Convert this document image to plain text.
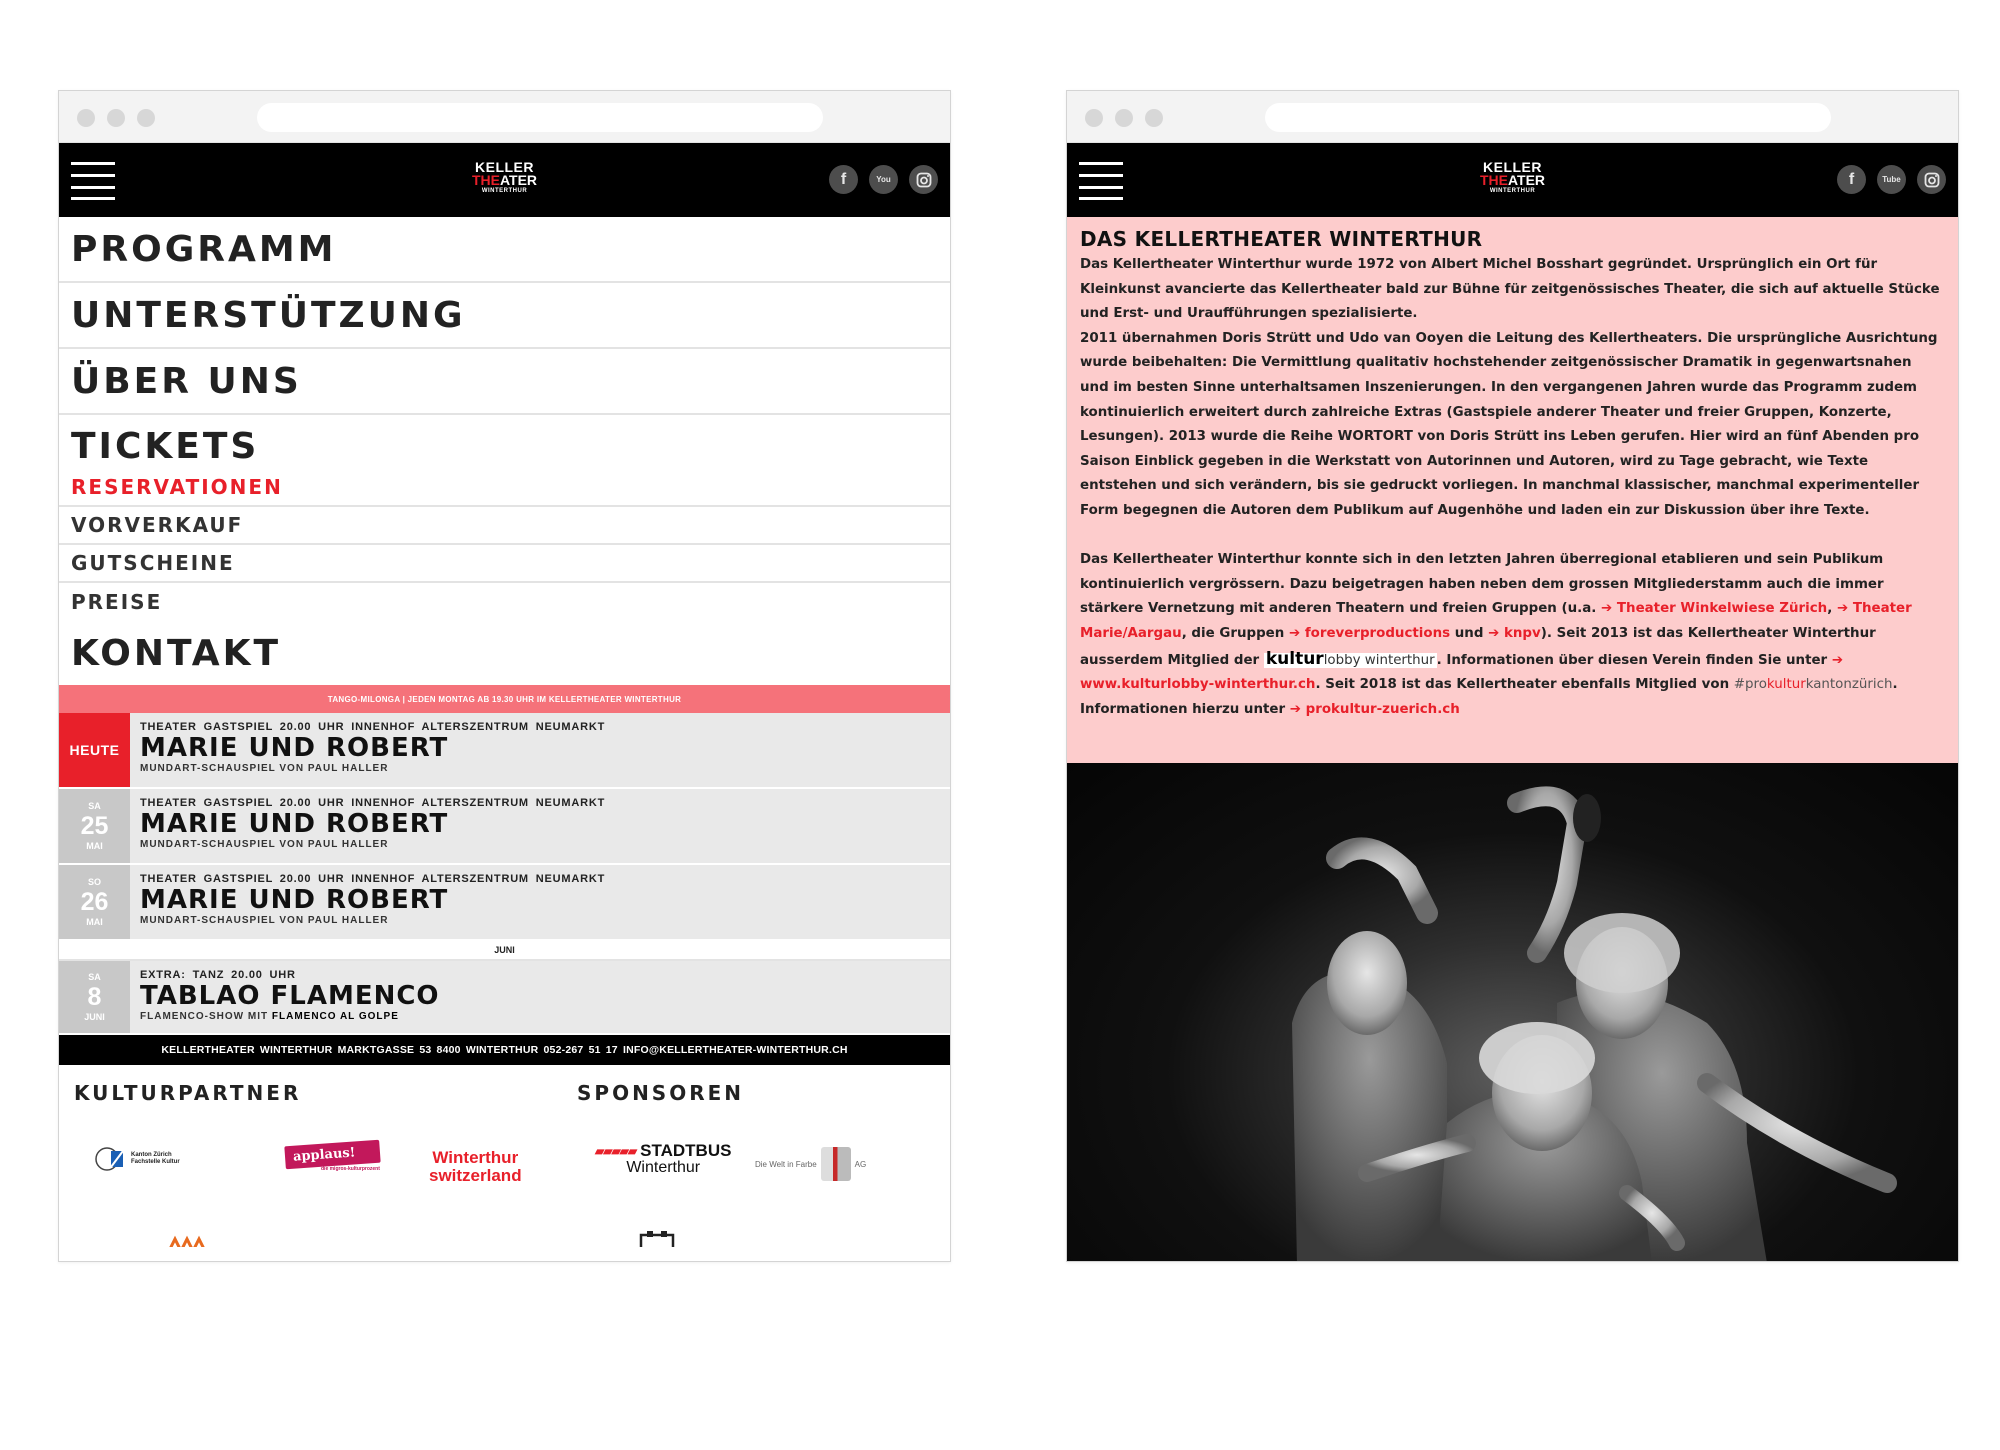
KELLER
THEATER
WINTERTHUR
f	You
PROGRAMM
UNTERSTÜTZUNG
ÜBER UNS
TICKETS
RESERVATIONEN
VORVERKAUF
GUTSCHEINE
PREISE
KONTAKT
TANGO-MILONGA | JEDEN MONTAG AB 19.30 UHR IM KELLERTHEATER WINTERTHUR
HEUTE
THEATER GASTSPIEL 20.00 UHR INNENHOF ALTERSZENTRUM NEUMARKT
MARIE UND ROBERT
MUNDART-SCHAUSPIEL VON PAUL HALLER
SA
25
MAI
THEATER GASTSPIEL 20.00 UHR INNENHOF ALTERSZENTRUM NEUMARKT
MARIE UND ROBERT
MUNDART-SCHAUSPIEL VON PAUL HALLER
SO
26
MAI
THEATER GASTSPIEL 20.00 UHR INNENHOF ALTERSZENTRUM NEUMARKT
MARIE UND ROBERT
MUNDART-SCHAUSPIEL VON PAUL HALLER
JUNI
SA
8
JUNI
EXTRA: TANZ 20.00 UHR
TABLAO FLAMENCO
FLAMENCO-SHOW MIT FLAMENCO AL GOLPE
KELLERTHEATER WINTERTHUR MARKTGASSE 53 8400 WINTERTHUR 052-267 51 17 INFO@KELLERTHEATER-WINTERTHUR.CH
KULTURPARTNER	SPONSOREN
Kanton Zürich
Fachstelle Kultur	applaus!
die migros-kulturprozent
Winterthur
switzerland
▰▰▰▰▰ STADTBUS
Winterthur	Die Welt in Farbe	AG
KELLER
THEATER
WINTERTHUR
f	Tube
DAS KELLERTHEATER WINTERTHUR

Das Kellertheater Winterthur wurde 1972 von Albert Michel Bosshart gegründet. Ursprünglich ein Ort für Kleinkunst avancierte das Kellertheater bald zur Bühne für zeitgenössisches Theater, die sich auf aktuelle Stücke und Erst- und Uraufführungen spezialisierte.

2011 übernahmen Doris Strütt und Udo van Ooyen die Leitung des Kellertheaters. Die ursprüngliche Ausrichtung wurde beibehalten: Die Vermittlung qualitativ hochstehender zeitgenössischer Dramatik in gegenwartsnahen und im besten Sinne unterhaltsamen Inszenierungen. In den vergangenen Jahren wurde das Programm zudem kontinuierlich erweitert durch zahlreiche Extras (Gastspiele anderer Theater und freier Gruppen, Konzerte, Lesungen). 2013 wurde die Reihe WORTORT von Doris Strütt ins Leben gerufen. Hier wird an fünf Abenden pro Saison Einblick gegeben in die Werkstatt von Autorinnen und Autoren, wird zu Tage gebracht, wie Texte entstehen und sich verändern, bis sie gedruckt vorliegen. In manchmal klassischer, manchmal experimenteller Form begegnen die Autoren dem Publikum auf Augenhöhe und laden ein zur Diskussion über ihre Texte.

Das Kellertheater Winterthur konnte sich in den letzten Jahren überregional etablieren und sein Publikum kontinuierlich vergrössern. Dazu beigetragen haben neben dem grossen Mitgliederstamm auch die immer stärkere Vernetzung mit anderen Theatern und freien Gruppen (u.a. ➔ Theater Winkelwiese Zürich, ➔ Theater Marie/Aargau, die Gruppen ➔ foreverproductions und ➔ knpv). Seit 2013 ist das Kellertheater Winterthur ausserdem Mitglied der kulturlobby winterthur . Informationen über diesen Verein finden Sie unter ➔ www.kulturlobby-winterthur.ch. Seit 2018 ist das Kellertheater ebenfalls Mitglied von #prokulturkantonzürich. Informationen hierzu unter ➔ prokultur-zuerich.ch
